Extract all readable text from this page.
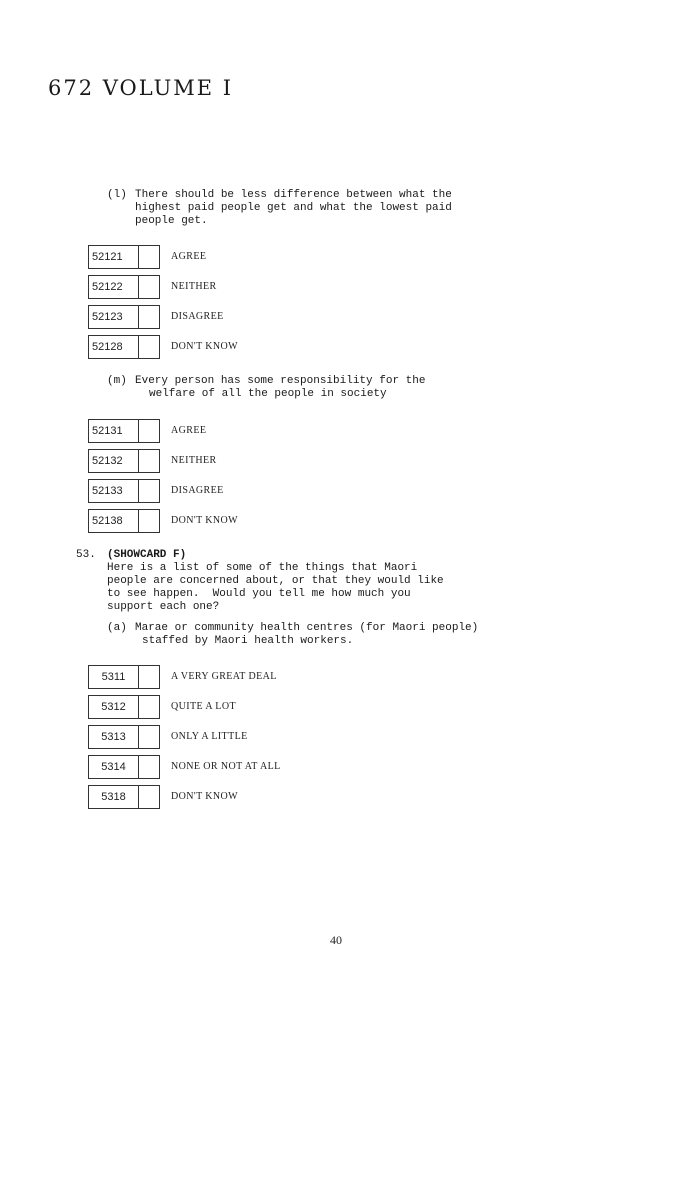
672 VOLUME I
(l) There should be less difference between what the
highest paid people get and what the lowest paid
people get.
52121	AGREE
52122	NEITHER
52123	DISAGREE
52128	DON'T KNOW
(m) Every person has some responsibility for the
welfare of all the people in society
52131	AGREE
52132	NEITHER
52133	DISAGREE
52138	DON'T KNOW
53. (SHOWCARD F)
Here is a list of some of the things that Maori
people are concerned about, or that they would like
to see happen.  Would you tell me how much you
support each one?
(a) Marae or community health centres (for Maori people)
staffed by Maori health workers.
5311	A VERY GREAT DEAL
5312	QUITE A LOT
5313	ONLY A LITTLE
5314	NONE OR NOT AT ALL
5318	DON'T KNOW
40
